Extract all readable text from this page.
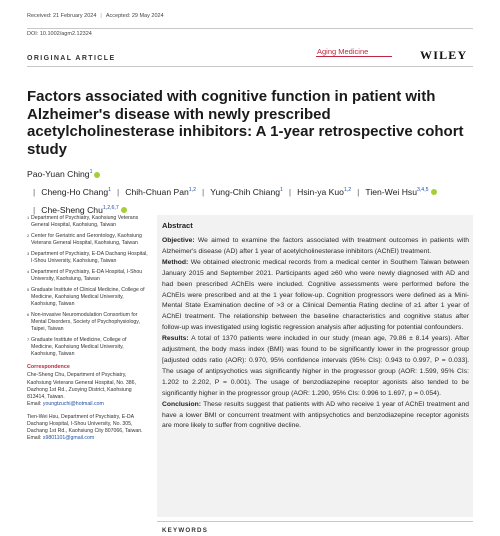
Received: 21 February 2024 | Accepted: 29 May 2024
DOI: 10.1002/agm2.12324
ORIGINAL ARTICLE
Aging Medicine	WILEY
Factors associated with cognitive function in patient with Alzheimer's disease with newly prescribed acetylcholinesterase inhibitors: A 1-year retrospective cohort study
Pao-Yuan Ching$^1$| Cheng-Ho Chang$^1$ | Chih-Chuan Pan$^{1,2}$ | Yung-Chih Chiang$^1$ | Hsin-ya Kuo$^{1,2}$ | Tien-Wei Hsu$^{3,4,5}$| Che-Sheng Chu$^{1,2,6,7}$
1 Department of Psychiatry, Kaohsiung Veterans General Hospital, Kaohsiung, Taiwan
2 Center for Geriatric and Gerontology, Kaohsiung Veterans General Hospital, Kaohsiung, Taiwan
3 Department of Psychiatry, E-DA Dachang Hospital, I-Shou University, Kaohsiung, Taiwan
4 Department of Psychiatry, E-DA Hospital, I-Shou University, Kaohsiung, Taiwan
5 Graduate Institute of Clinical Medicine, College of Medicine, Kaohsiung Medical University, Kaohsiung, Taiwan
6 Non-invasive Neuromodulation Consortium for Mental Disorders, Society of Psychophysiology, Taipei, Taiwan
7 Graduate Institute of Medicine, College of Medicine, Kaohsiung Medical University, Kaohsiung, Taiwan
Correspondence
Che-Sheng Chu, Department of Psychiatry, Kaohsiung Veterans General Hospital, No. 386, Dazhong 1st Rd., Zuoying District, Kaohsiung 813414, Taiwan.
Email: youngtzuchi@hotmail.com
Tien-Wei Hsu, Department of Psychiatry, E-DA Dachang Hospital, I-Shou University, No. 305, Dachang 1st Rd., Kaohsiung City 807066, Taiwan.
Email: s9801101@gmail.com
Abstract

Objective: We aimed to examine the factors associated with treatment outcomes in patients with Alzheimer's disease (AD) after 1 year of acetylcholinesterase inhibitors (AChEI) treatment.

Method: We obtained electronic medical records from a medical center in Southern Taiwan between January 2015 and September 2021. Participants aged ≥60 who were newly diagnosed with AD and had been prescribed AChEIs were included. Cognitive assessments were performed before the AChEIs were prescribed and at the 1 year follow-up. Cognition progressors were defined as a Mini-Mental State Examination decline of >3 or a Clinical Dementia Rating decline of ≥1 after 1 year of AChEI treatment. The relationship between the baseline characteristics and cognitive status after follow-up was investigated using logistic regression analysis after adjusting for potential confounders.

Results: A total of 1370 patients were included in our study (mean age, 79.86 ± 8.14 years). After adjustment, the body mass index (BMI) was found to be significantly lower in the progressor group [adjusted odds ratio (AOR): 0.970, 95% confidence intervals (95% CIs): 0.943 to 0.997, P = 0.033]. The usage of antipsychotics was significantly higher in the progressor group (AOR: 1.599, 95% CIs: 1.202 to 2.202, P = 0.001). The usage of benzodiazepine receptor agonists also tended to be significantly higher in the progressor group (AOR: 1.290, 95% CIs: 0.996 to 1.697, p = 0.054).

Conclusion: These results suggest that patients with AD who receive 1 year of AChEI treatment and have a lower BMI or concurrent treatment with antipsychotics and benzodiazepine receptor agonists are more likely to suffer from cognitive decline.

KEYWORDS
